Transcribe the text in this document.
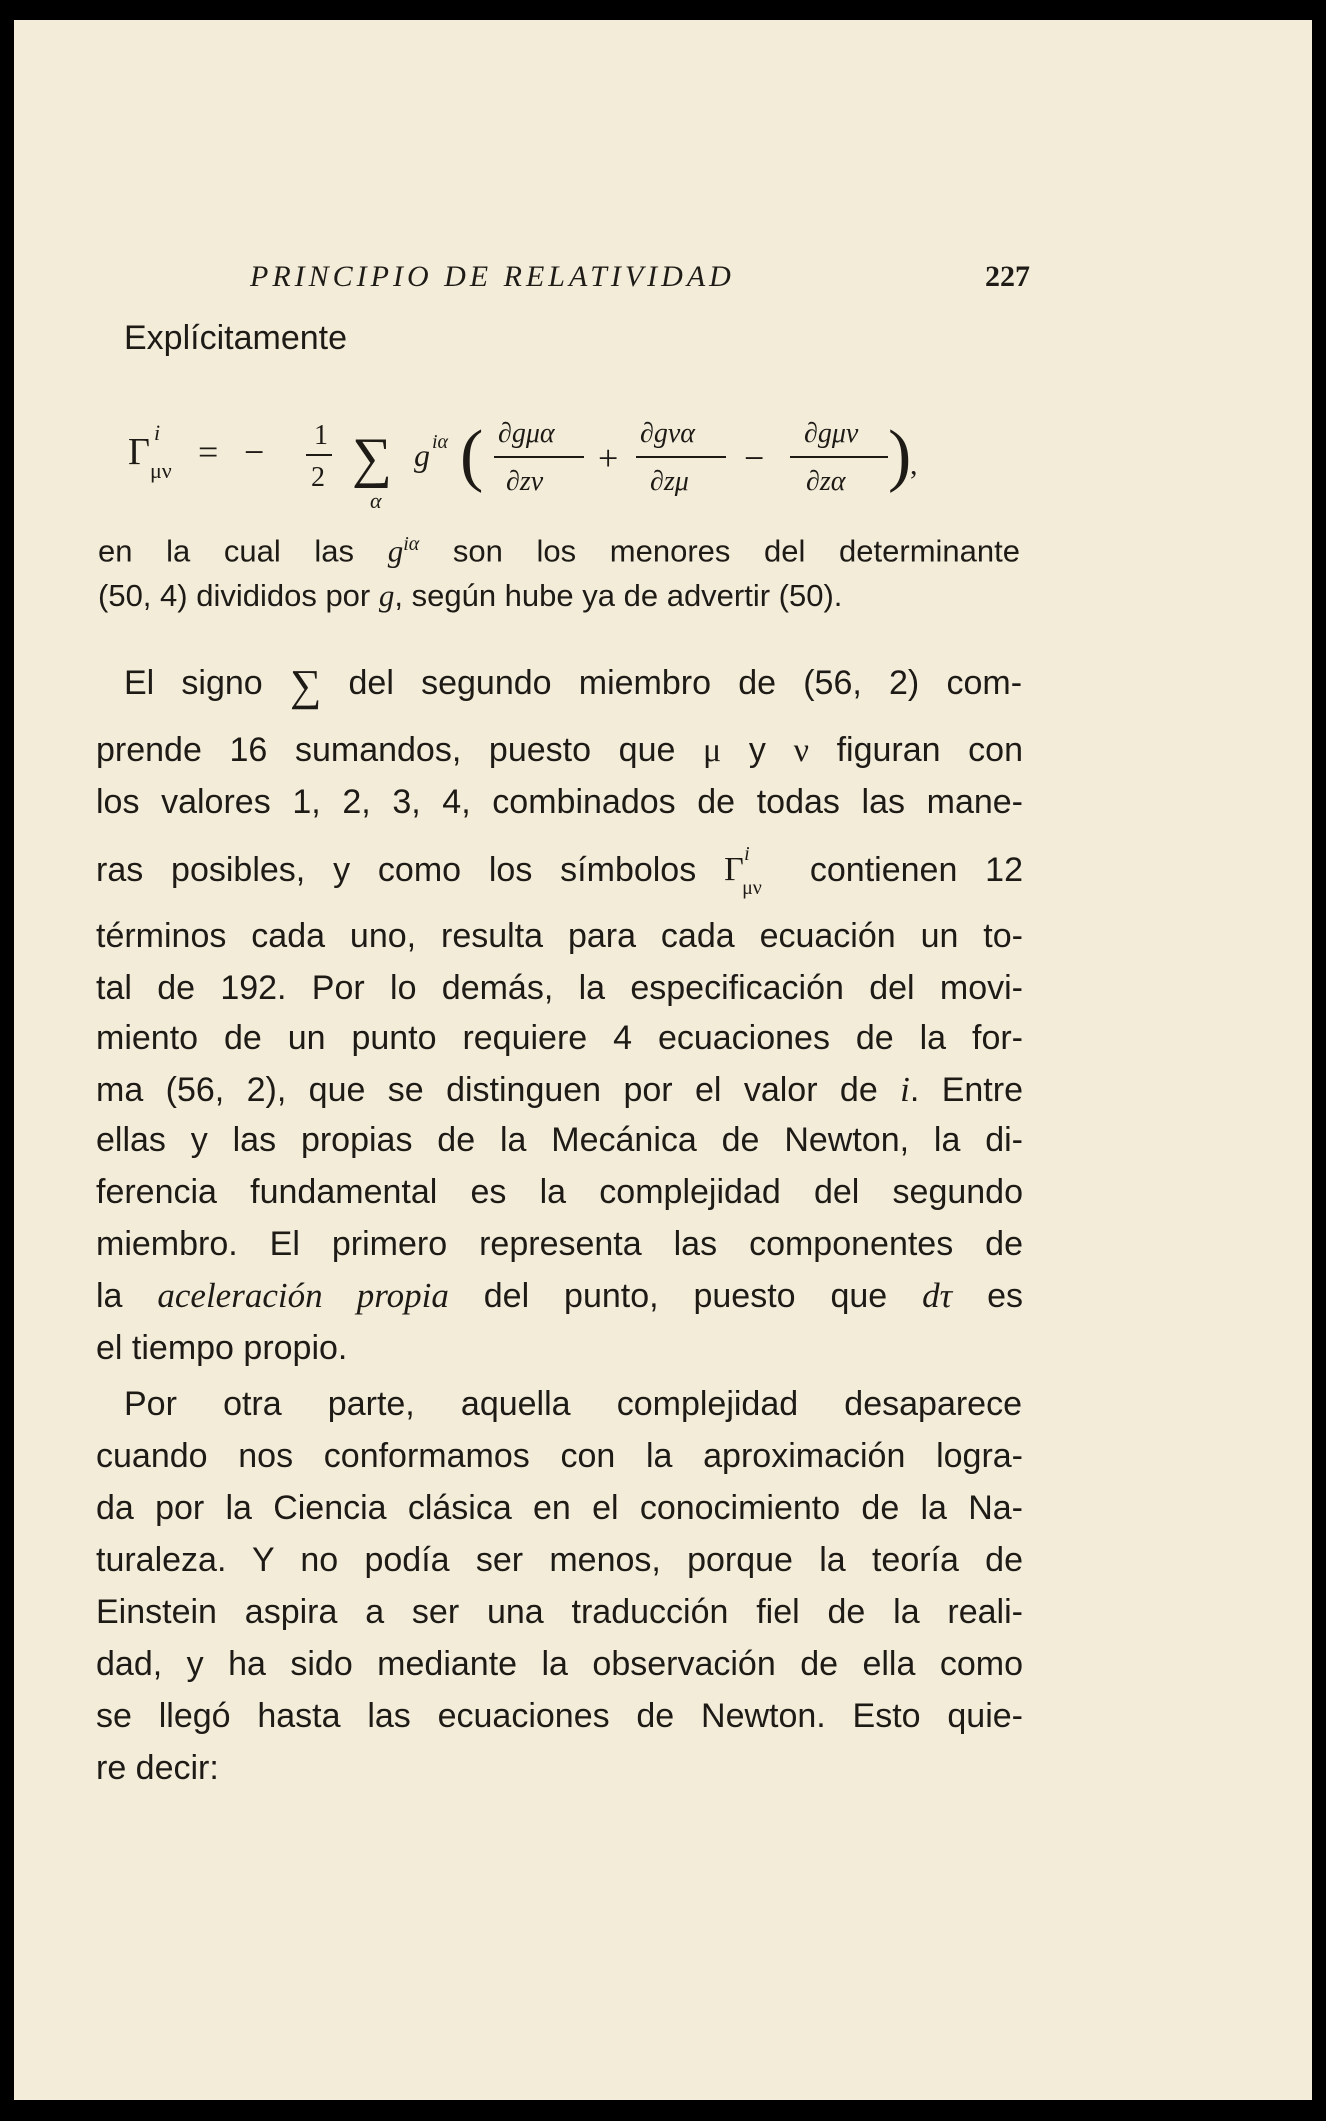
PRINCIPIO DE RELATIVIDAD	227
Explícitamente
Γ i
μν = − 1
2 ∑
α
g iα ( ∂gμα
∂zν
+
∂gνα
∂zμ
−
∂gμν
∂zα )
,
en la cual las $g^{i\alpha}$ son los menores del determinante
(50, 4) divididos por g, según hube ya de advertir (50).
El signo ∑ del segundo miembro de (56, 2) com-
prende 16 sumandos, puesto que μ y ν figuran con
los valores 1, 2, 3, 4, combinados de todas las mane-
ras posibles, y como los símbolos Γ i
μν contienen 12
términos cada uno, resulta para cada ecuación un to-
tal de 192. Por lo demás, la especificación del movi-
miento de un punto requiere 4 ecuaciones de la for-
ma (56, 2), que se distinguen por el valor de i. Entre
ellas y las propias de la Mecánica de Newton, la di-
ferencia fundamental es la complejidad del segundo
miembro. El primero representa las componentes de
la aceleración propia del punto, puesto que dτ es
el tiempo propio.
Por otra parte, aquella complejidad desaparece
cuando nos conformamos con la aproximación logra-
da por la Ciencia clásica en el conocimiento de la Na-
turaleza. Y no podía ser menos, porque la teoría de
Einstein aspira a ser una traducción fiel de la reali-
dad, y ha sido mediante la observación de ella como
se llegó hasta las ecuaciones de Newton. Esto quie-
re decir:
